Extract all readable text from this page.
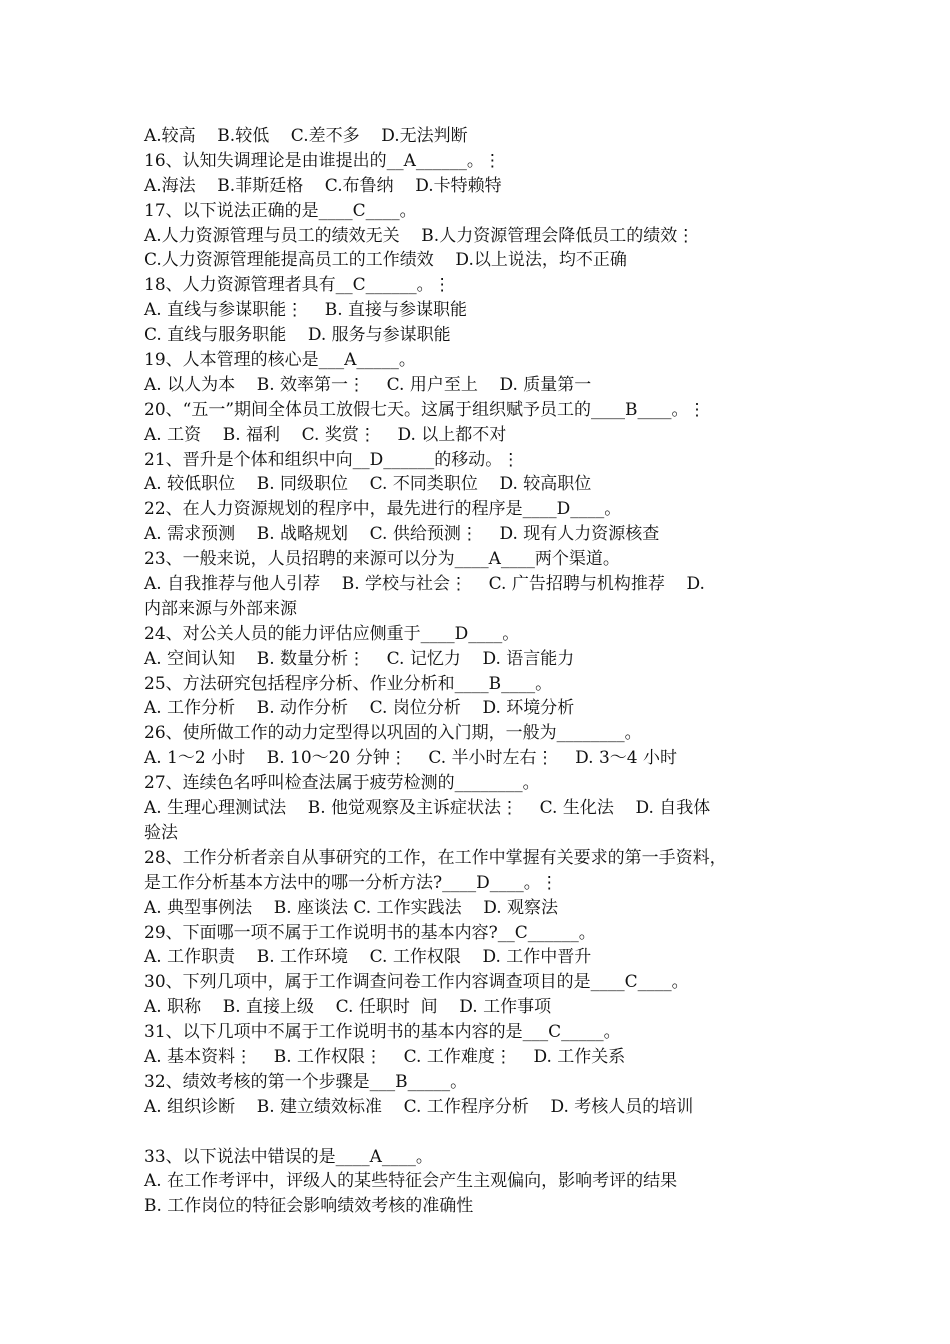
A.较高    B.较低    C.差不多    D.无法判断
16、认知失调理论是由谁提出的__A______。⋮
A.海法    B.菲斯廷格    C.布鲁纳    D.卡特赖特
17、以下说法正确的是____C____。
A.人力资源管理与员工的绩效无关    B.人力资源管理会降低员工的绩效⋮
C.人力资源管理能提高员工的工作绩效    D.以上说法，均不正确
18、人力资源管理者具有__C______。⋮
A. 直线与参谋职能⋮    B. 直接与参谋职能
C. 直线与服务职能    D. 服务与参谋职能
19、人本管理的核心是___A_____。
A. 以人为本    B. 效率第一⋮    C. 用户至上    D. 质量第一
20、“五一”期间全体员工放假七天。这属于组织赋予员工的____B____。⋮
A. 工资    B. 福利    C. 奖赏⋮    D. 以上都不对
21、晋升是个体和组织中向__D______的移动。⋮
A. 较低职位    B. 同级职位    C. 不同类职位    D. 较高职位
22、在人力资源规划的程序中，最先进行的程序是____D____。
A. 需求预测    B. 战略规划    C. 供给预测⋮    D. 现有人力资源核查
23、一般来说，人员招聘的来源可以分为____A____两个渠道。
A. 自我推荐与他人引荐    B. 学校与社会⋮    C. 广告招聘与机构推荐    D.
内部来源与外部来源
24、对公关人员的能力评估应侧重于____D____。
A. 空间认知    B. 数量分析⋮    C. 记忆力    D. 语言能力
25、方法研究包括程序分析、作业分析和____B____。
A. 工作分析    B. 动作分析    C. 岗位分析    D. 环境分析
26、使所做工作的动力定型得以巩固的入门期，一般为________。
A. 1～2 小时    B. 10～20 分钟⋮    C. 半小时左右⋮    D. 3～4 小时
27、连续色名呼叫检查法属于疲劳检测的________。
A. 生理心理测试法    B. 他觉观察及主诉症状法⋮    C. 生化法    D. 自我体
验法
28、工作分析者亲自从事研究的工作，在工作中掌握有关要求的第一手资料，
是工作分析基本方法中的哪一分析方法?____D____。⋮
A. 典型事例法    B. 座谈法 C. 工作实践法    D. 观察法
29、下面哪一项不属于工作说明书的基本内容?__C______。
A. 工作职责    B. 工作环境    C. 工作权限    D. 工作中晋升
30、下列几项中，属于工作调查问卷工作内容调查项目的是____C____。
A. 职称    B. 直接上级    C. 任职时  间    D. 工作事项
31、以下几项中不属于工作说明书的基本内容的是___C_____。
A. 基本资料⋮    B. 工作权限⋮    C. 工作难度⋮    D. 工作关系
32、绩效考核的第一个步骤是___B_____。
A. 组织诊断    B. 建立绩效标准    C. 工作程序分析    D. 考核人员的培训
33、以下说法中错误的是____A____。
A. 在工作考评中，评级人的某些特征会产生主观偏向，影响考评的结果
B. 工作岗位的特征会影响绩效考核的准确性
